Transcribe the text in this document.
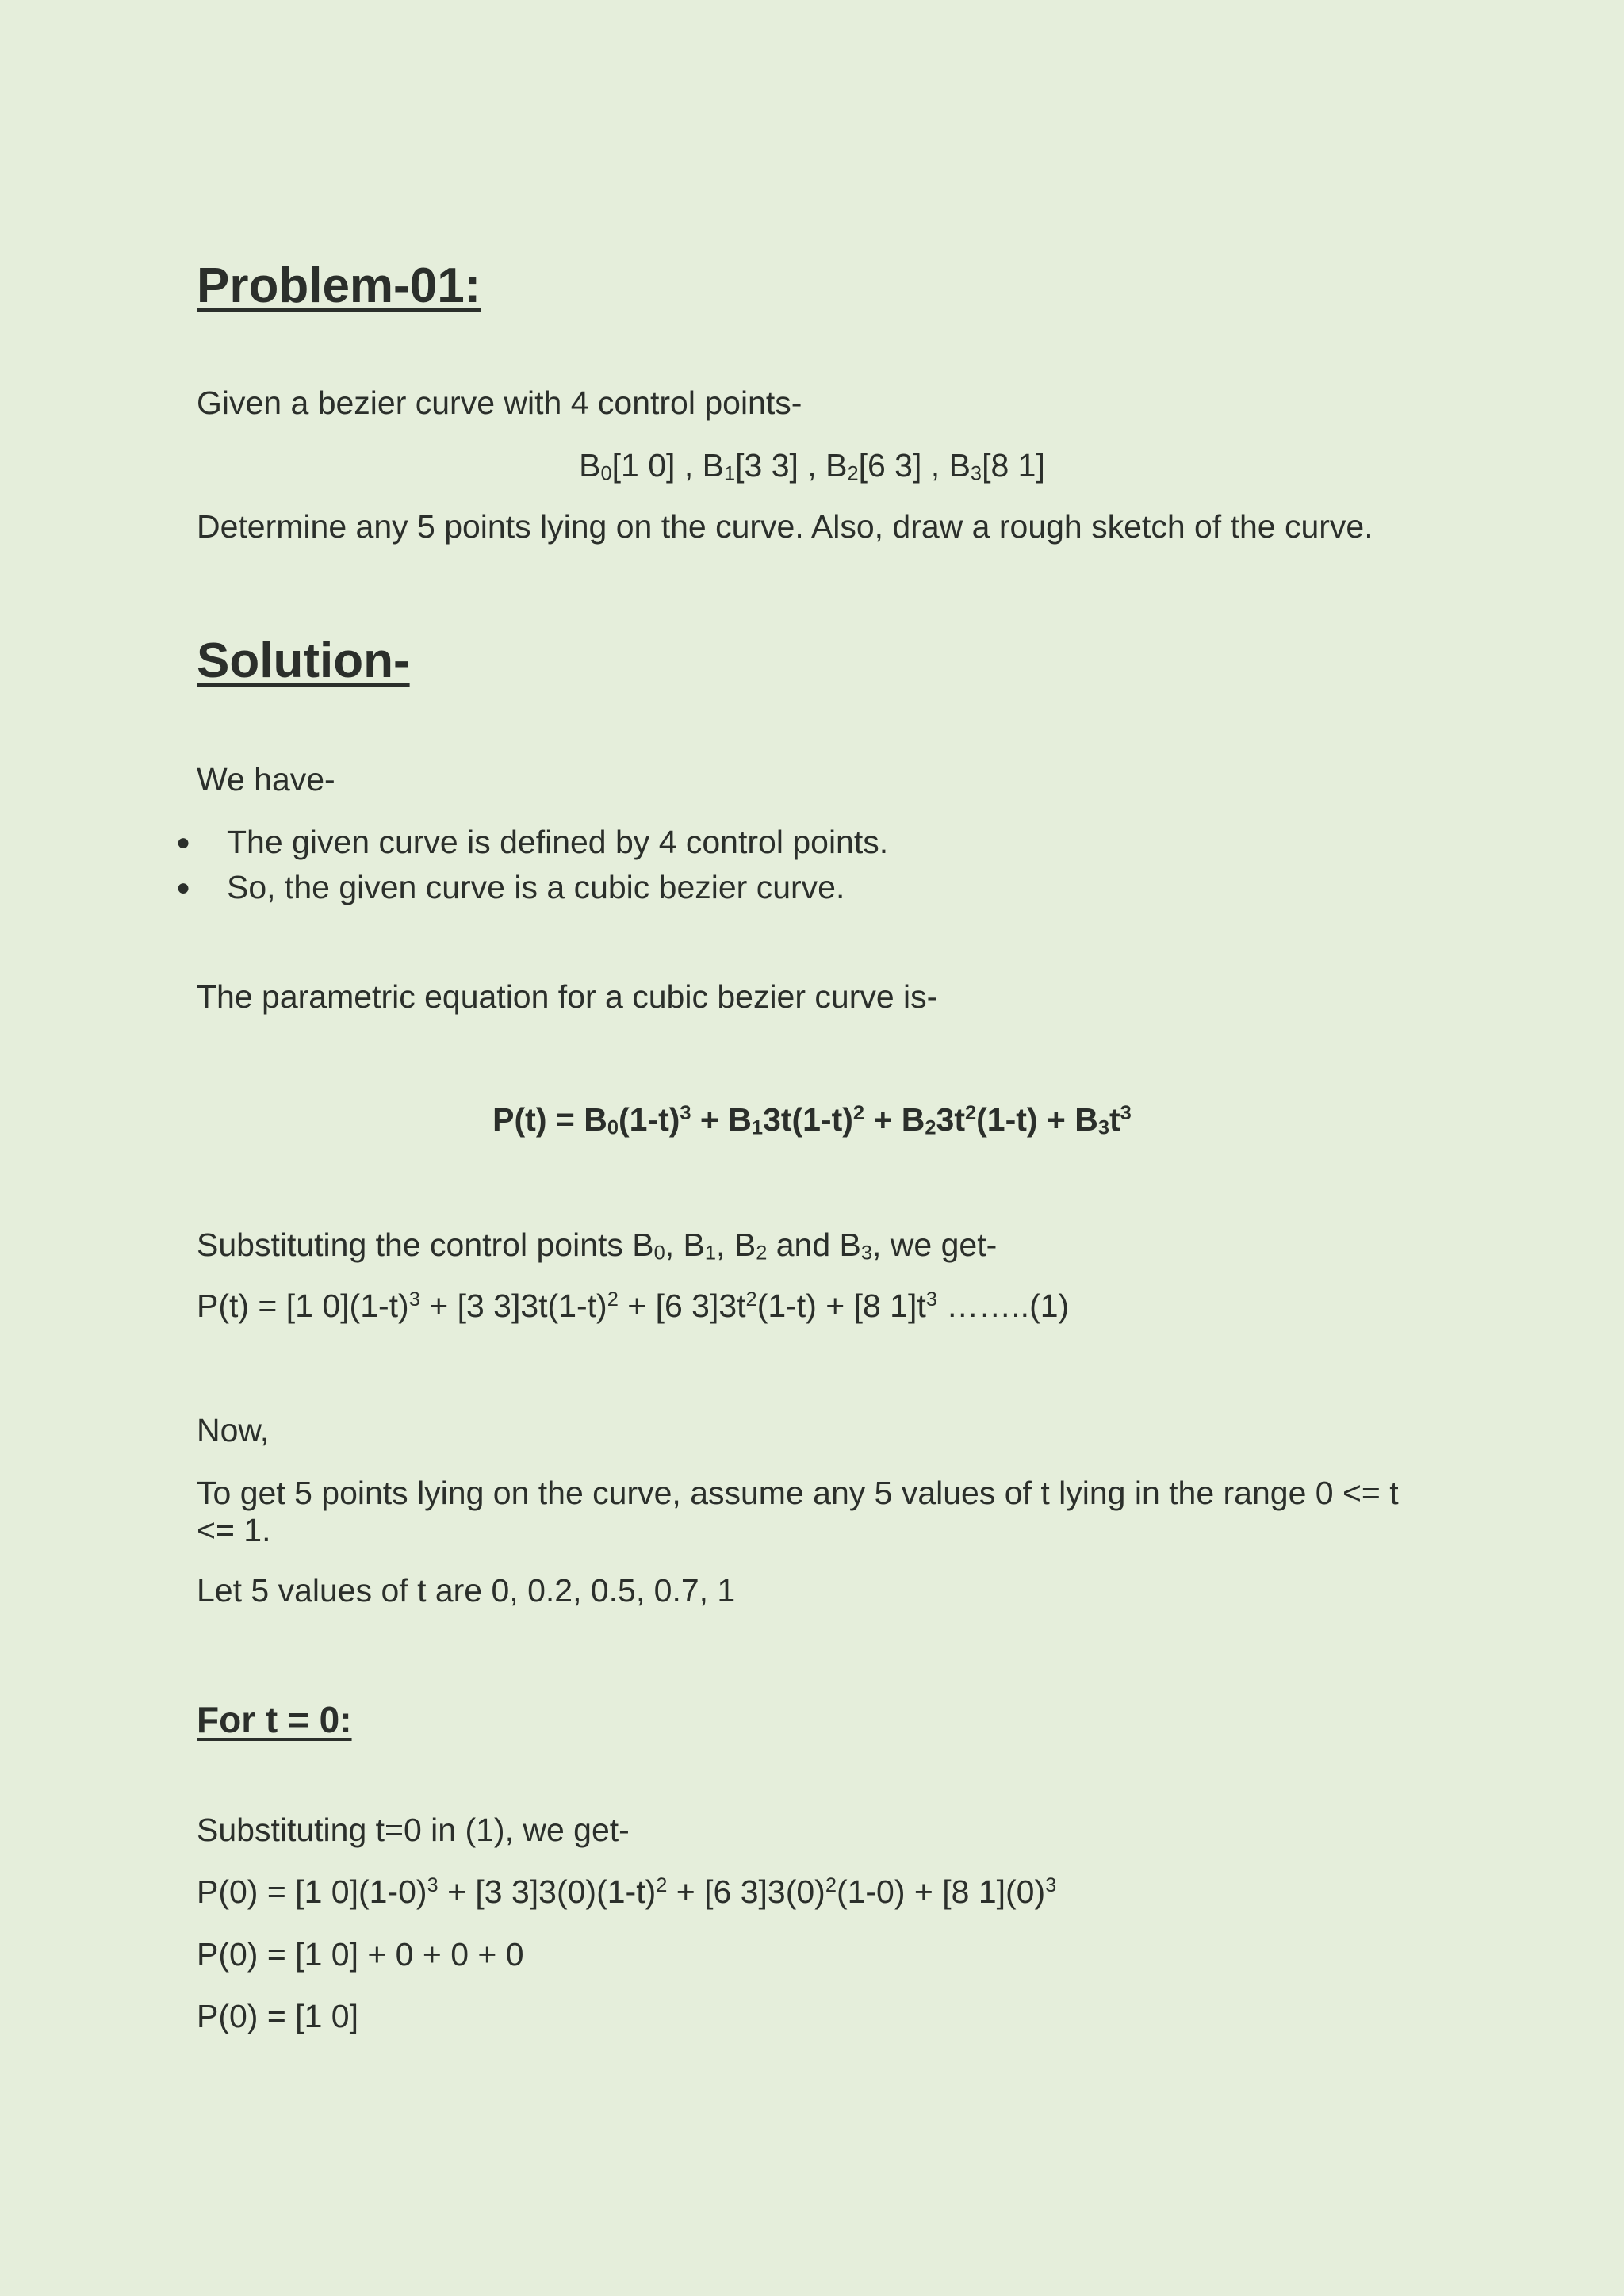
Problem-01:

Given a bezier curve with 4 control points-

$B_0[1$ 0] , $B_1[3$ 3] , $B_2[6$ 3] , $B_3[8$ 1]

Determine any 5 points lying on the curve. Also, draw a rough sketch of the curve.

Solution-

We have-

● The given curve is defined by 4 control points.
● So, the given curve is a cubic bezier curve.

The parametric equation for a cubic bezier curve is-

$P(t) = B_0(1-t)^3 + B_13t(1-t)^2 + B_23t^2(1-t) + B_3t^3$

Substituting the control points $B_0$, $B_1$, $B_2$ and $B_3$, we get-

P(t) = [1 $0](1-t)^3 + [3$ $3]3t(1-t)^2 + [6$ $3]3t^2(1-t) + [8$ $1]t^3$ ……..(1)

Now,

To get 5 points lying on the curve, assume any 5 values of t lying in the range 0 <= t <= 1.

Let 5 values of t are 0, 0.2, 0.5, 0.7, 1

For t = 0:

Substituting t=0 in (1), we get-

P(0) = [1 $0](1-0)^3 + [3$ $3]3(0)(1-t)^2 + [6$ $3]3(0)^2(1-0) + [8$ $1](0)^3$

P(0) = [1 0] + 0 + 0 + 0

P(0) = [1 0]
